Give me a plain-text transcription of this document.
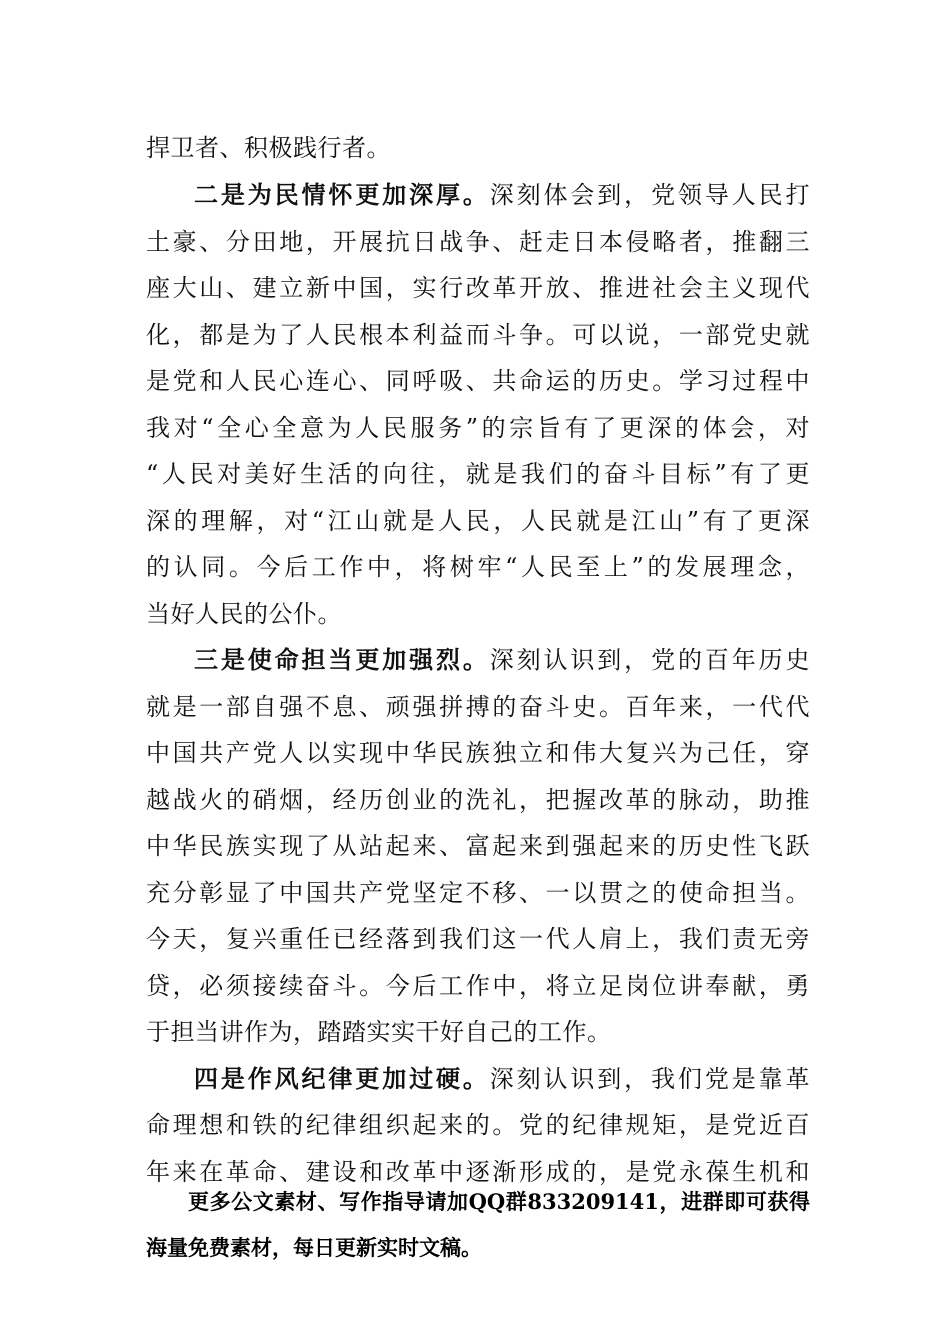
捍卫者、积极践行者。
二是为民情怀更加深厚。深刻体会到，党领导人民打
土豪、分田地，开展抗日战争、赶走日本侵略者，推翻三
座大山、建立新中国，实行改革开放、推进社会主义现代
化，都是为了人民根本利益而斗争。可以说，一部党史就
是党和人民心连心、同呼吸、共命运的历史。学习过程中
我对“全心全意为人民服务”的宗旨有了更深的体会，对
“人民对美好生活的向往，就是我们的奋斗目标”有了更
深的理解，对“江山就是人民，人民就是江山”有了更深
的认同。今后工作中，将树牢“人民至上”的发展理念，
当好人民的公仆。
三是使命担当更加强烈。深刻认识到，党的百年历史
就是一部自强不息、顽强拼搏的奋斗史。百年来，一代代
中国共产党人以实现中华民族独立和伟大复兴为己任，穿
越战火的硝烟，经历创业的洗礼，把握改革的脉动，助推
中华民族实现了从站起来、富起来到强起来的历史性飞跃
充分彰显了中国共产党坚定不移、一以贯之的使命担当。
今天，复兴重任已经落到我们这一代人肩上，我们责无旁
贷，必须接续奋斗。今后工作中，将立足岗位讲奉献，勇
于担当讲作为，踏踏实实干好自己的工作。
四是作风纪律更加过硬。深刻认识到，我们党是靠革
命理想和铁的纪律组织起来的。党的纪律规矩，是党近百
年来在革命、建设和改革中逐渐形成的，是党永葆生机和
更多公文素材、写作指导请加QQ群833209141，进群即可获得
海量免费素材，每日更新实时文稿。
